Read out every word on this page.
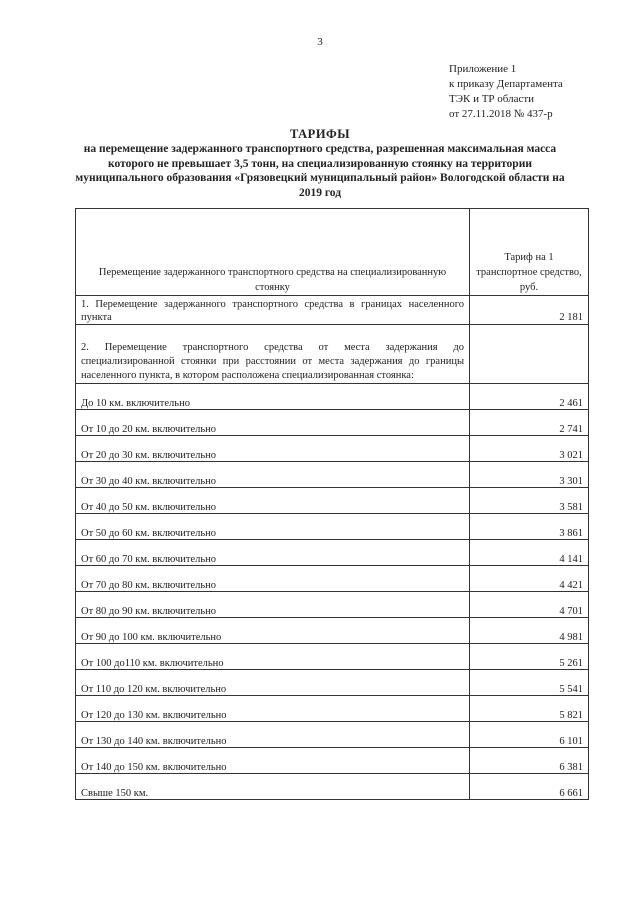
3
Приложение 1
к приказу Департамента
ТЭК и ТР области
от 27.11.2018 № 437-р
ТАРИФЫ
на перемещение задержанного транспортного средства, разрешенная максимальная масса которого не превышает 3,5 тонн, на специализированную стоянку на территории муниципального образования «Грязовецкий муниципальный район» Вологодской области на 2019 год
Перемещение задержанного транспортного средства на специализированную стоянку	Тариф на 1 транспортное средство, руб.
1. Перемещение задержанного транспортного средства в границах населенного пункта	2 181
2. Перемещение транспортного средства от места задержания до специализированной стоянки при расстоянии от места задержания до границы населенного пункта, в котором расположена специализированная стоянка:	
До 10 км. включительно	2 461
От 10 до 20 км. включительно	2 741
От 20 до 30 км. включительно	3 021
От 30 до 40 км. включительно	3 301
От 40 до 50 км. включительно	3 581
От 50 до 60 км. включительно	3 861
От 60 до 70 км. включительно	4 141
От 70 до 80 км. включительно	4 421
От 80 до 90 км. включительно	4 701
От 90 до 100 км. включительно	4 981
От 100 до110 км. включительно	5 261
От 110 до 120 км. включительно	5 541
От 120 до 130 км. включительно	5 821
От 130 до 140 км. включительно	6 101
От 140 до 150 км. включительно	6 381
Свыше 150 км.	6 661
